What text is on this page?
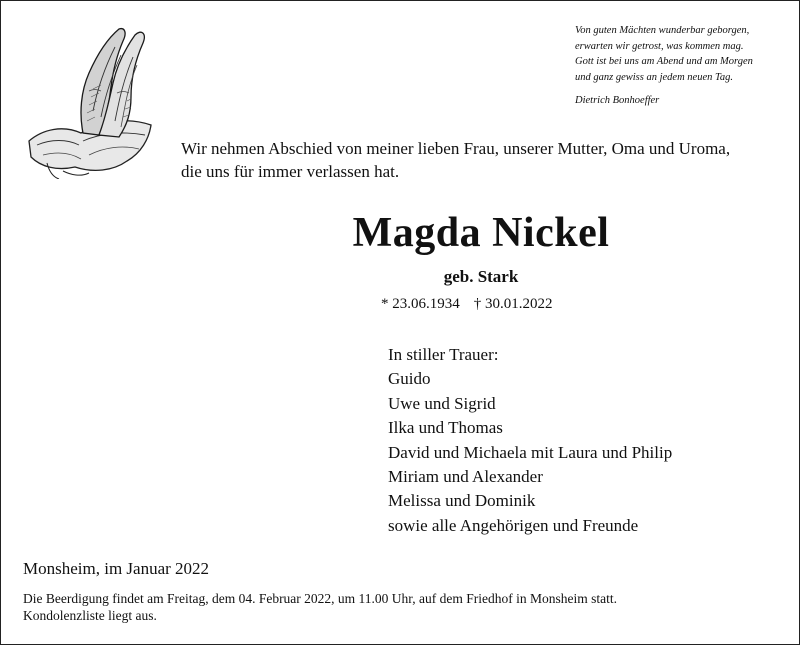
Von guten Mächten wunderbar geborgen,
erwarten wir getrost, was kommen mag.
Gott ist bei uns am Abend und am Morgen
und ganz gewiss an jedem neuen Tag.
Dietrich Bonhoeffer
Wir nehmen Abschied von meiner lieben Frau, unserer Mutter, Oma und Uroma,
die uns für immer verlassen hat.
Magda Nickel
geb. Stark
* 23.06.1934 † 30.01.2022
In stiller Trauer:
Guido
Uwe und Sigrid
Ilka und Thomas
David und Michaela mit Laura und Philip
Miriam und Alexander
Melissa und Dominik
sowie alle Angehörigen und Freunde
Monsheim, im Januar 2022
Die Beerdigung findet am Freitag, dem 04. Februar 2022, um 11.00 Uhr, auf dem Friedhof in Monsheim statt.
Kondolenzliste liegt aus.
